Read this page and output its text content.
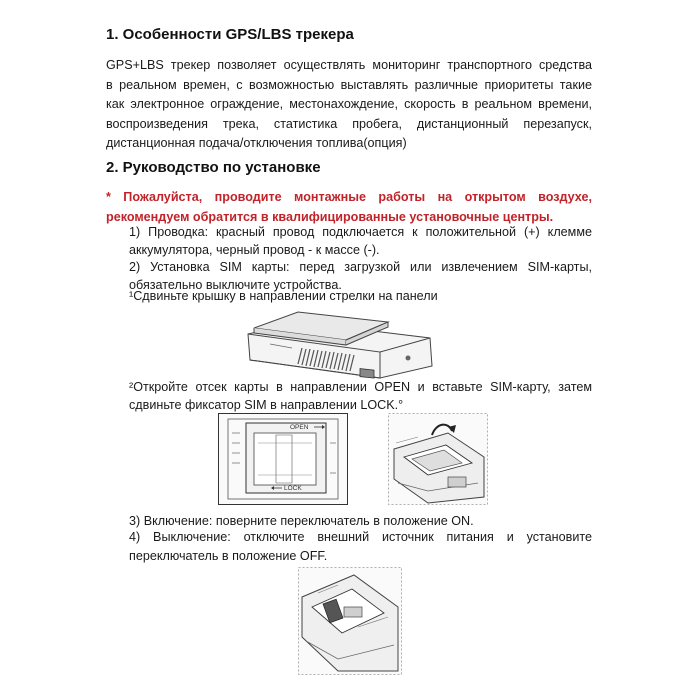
1. Особенности GPS/LBS трекера
GPS+LBS трекер позволяет осуществлять мониторинг транспортного средства
в реальном времен, с возможностью выставлять различные приоритеты такие
как электронное ограждение, местонахождение, скорость в реальном времени,
воспроизведения трека, статистика пробега, дистанционный перезапуск,
дистанционная подача/отключения топлива(опция)
2. Руководство по установке
* Пожалуйста, проводите монтажные работы на открытом воздухе,
рекомендуем обратится в квалифицированные установочные центры.
1) Проводка: красный провод подключается к положительной (+) клемме
аккумулятора, черный провод - к массе (-).
2) Установка SIM карты: перед загрузкой или извлечением SIM-карты,
обязательно выключите устройства.
¹Сдвиньте крышку в направлении стрелки на панели
²Откройте отсек карты в направлении OPEN и вставьте SIM-карту, затем
сдвиньте фиксатор SIM в направлении LOCK.°
OPEN
LOCK
3) Включение: поверните переключатель в положение ON.
4) Выключение: отключите внешний источник питания и установите
переключатель в положение OFF.
